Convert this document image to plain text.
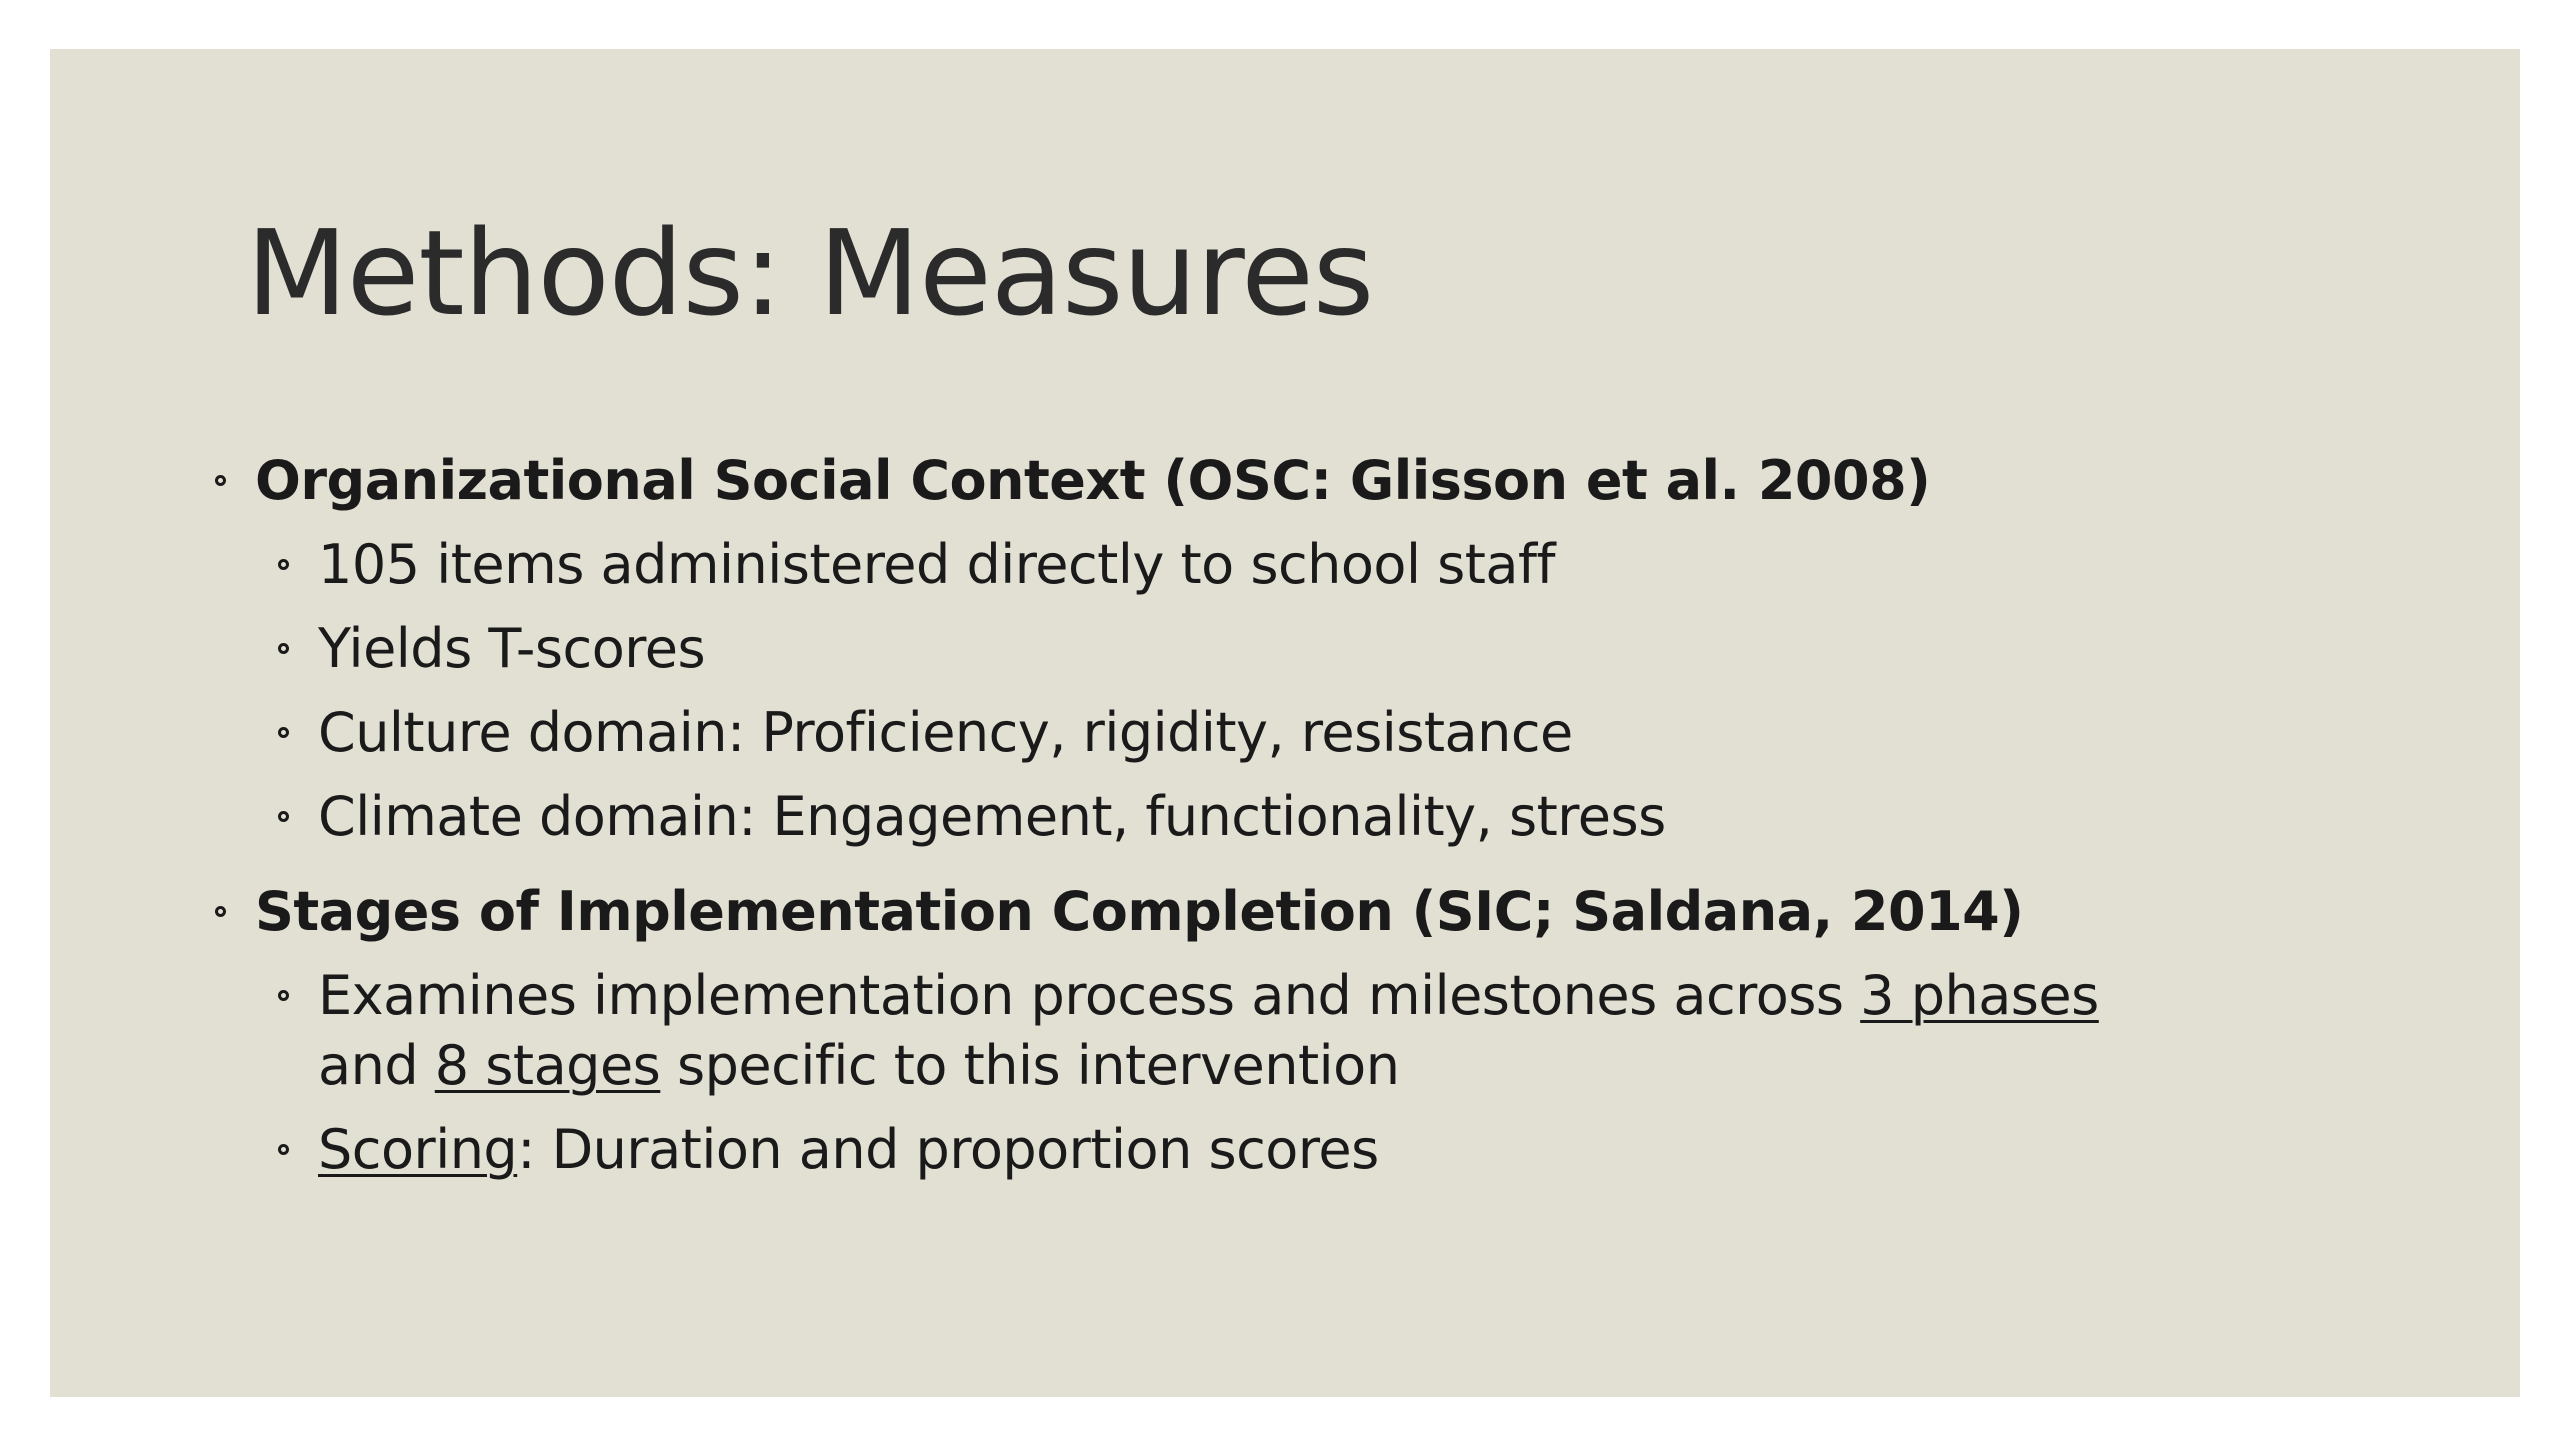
Methods: Measures
Organizational Social Context (OSC: Glisson et al. 2008)
105 items administered directly to school staff
Yields T-scores
Culture domain: Proficiency, rigidity, resistance
Climate domain: Engagement, functionality, stress
Stages of Implementation Completion (SIC; Saldana, 2014)
Examines implementation process and milestones across 3 phases
and 8 stages specific to this intervention
Scoring: Duration and proportion scores
